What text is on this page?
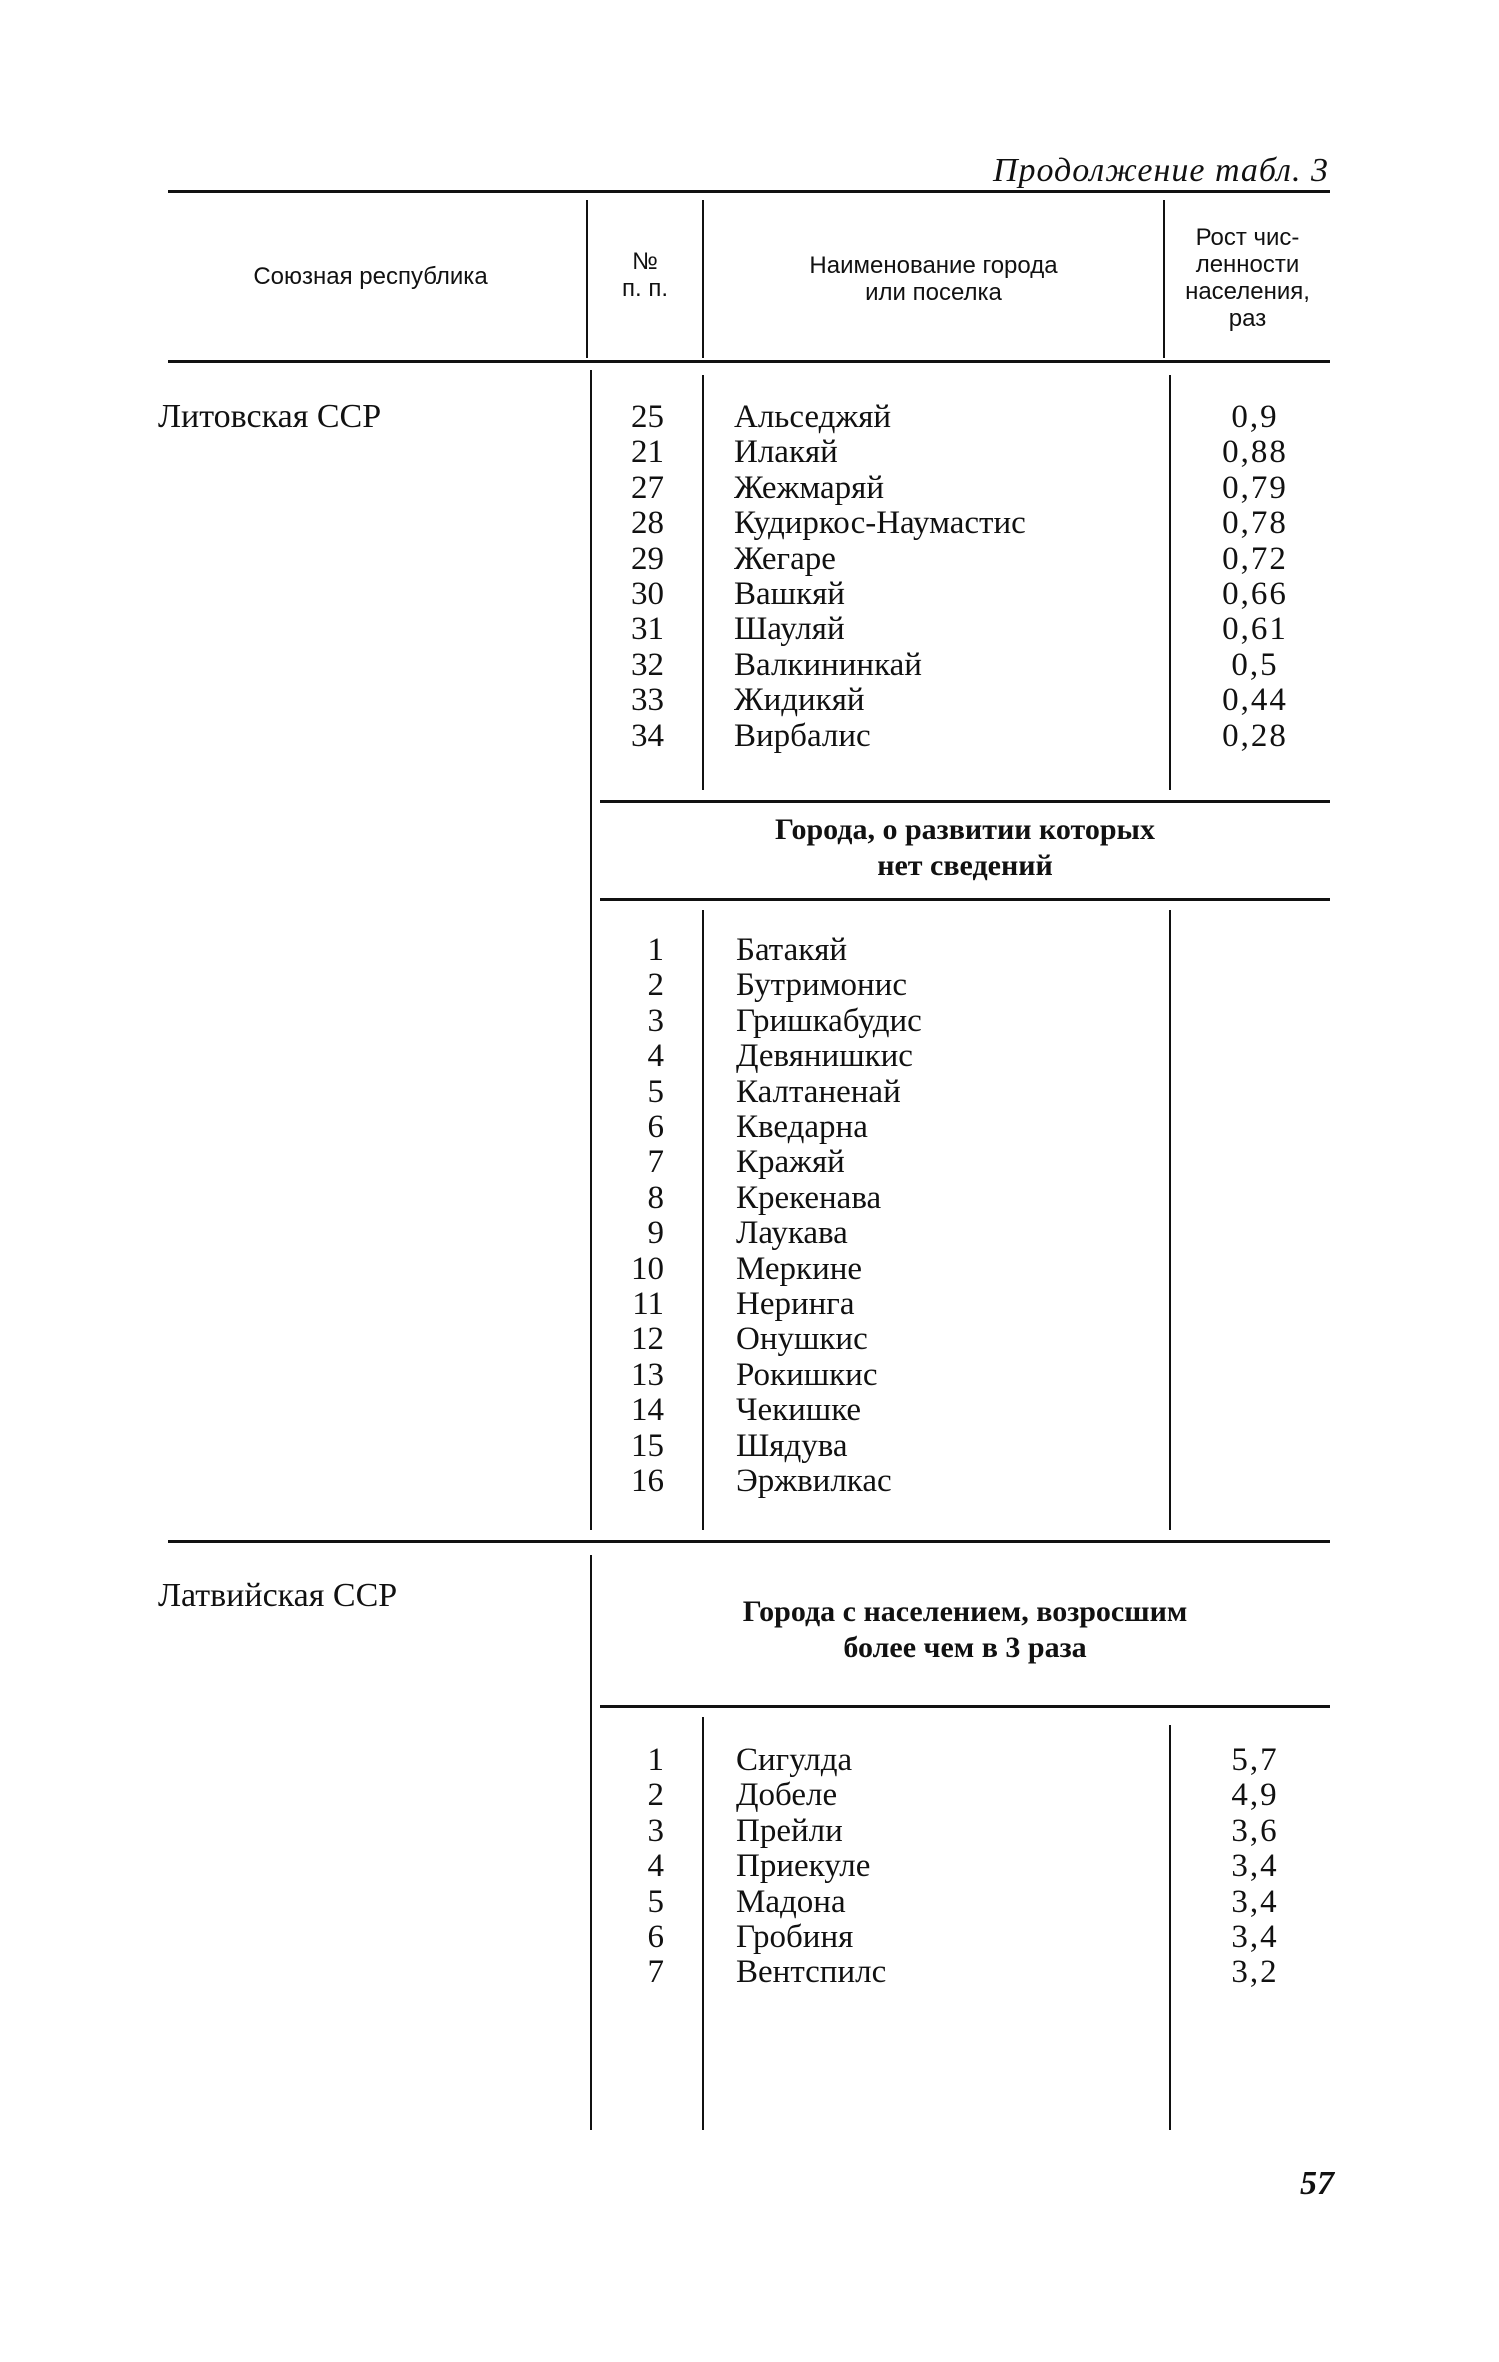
Продолжение табл. 3
Союзная республика
№
п. п.
Наименование города
или поселка
Рост чис-
ленности
населения,
раз
Литовская ССР	25
21
27
28
29
30
31
32
33
34
Альседжяй
Илакяй
Жежмаряй
Кудиркос-Наумастис
Жегаре
Вашкяй
Шауляй
Валкининкай
Жидикяй
Вирбалис
0,9
0,88
0,79
0,78
0,72
0,66
0,61
0,5
0,44
0,28
Города, о развитии которых
нет сведений
1
2
3
4
5
6
7
8
9
10
11
12
13
14
15
16
Батакяй
Бутримонис
Гришкабудис
Девянишкис
Калтаненай
Кведарна
Кражяй
Крекенава
Лаукава
Меркине
Неринга
Онушкис
Рокишкис
Чекишке
Шядува
Эржвилкас
Латвийская ССР	Города с населением, возросшим
более чем в 3 раза
1
2
3
4
5
6
7
Сигулда
Добеле
Прейли
Приекуле
Мадона
Гробиня
Вентспилс
5,7
4,9
3,6
3,4
3,4
3,4
3,2
57
